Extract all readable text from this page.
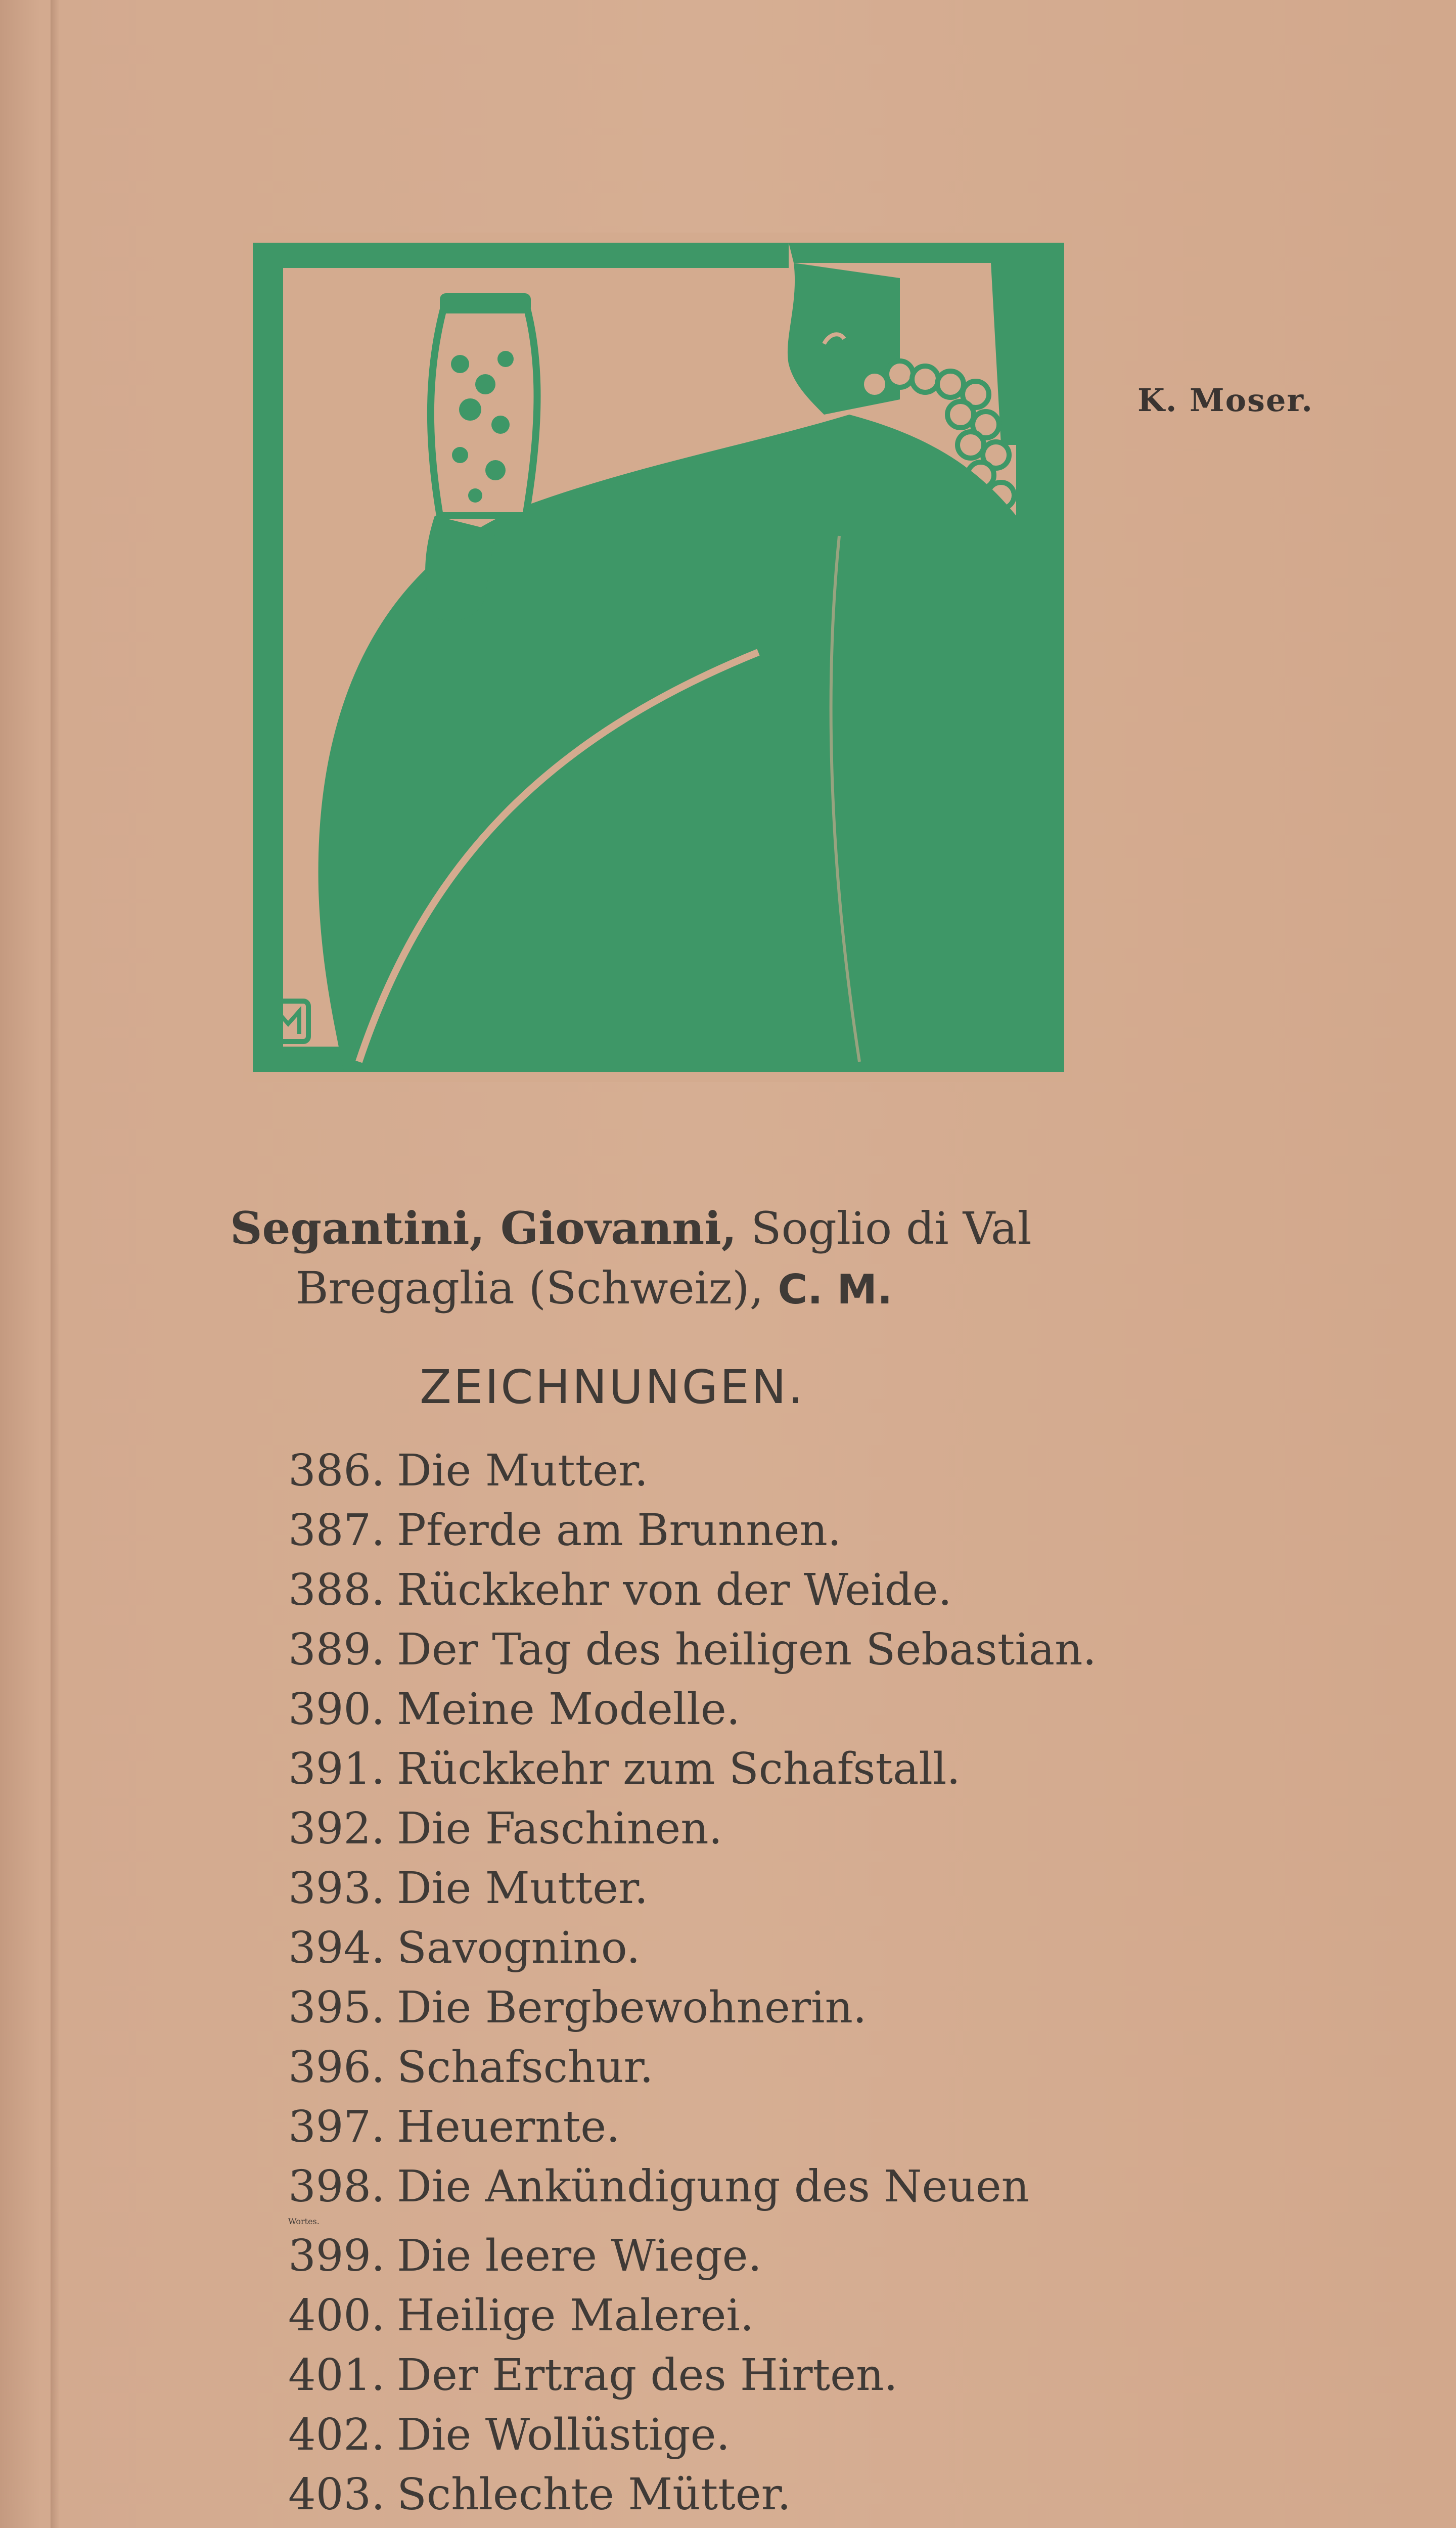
K. Moser.
Segantini, Giovanni, Soglio di Val
Bregaglia (Schweiz), C. M.
ZEICHNUNGEN.
386. Die Mutter.
387. Pferde am Brunnen.
388. Rückkehr von der Weide.
389. Der Tag des heiligen Sebastian.
390. Meine Modelle.
391. Rückkehr zum Schafstall.
392. Die Faschinen.
393. Die Mutter.
394. Savognino.
395. Die Bergbewohnerin.
396. Schafschur.
397. Heuernte.
398. Die Ankündigung des Neuen
Wortes.
399. Die leere Wiege.
400. Heilige Malerei.
401. Der Ertrag des Hirten.
402. Die Wollüstige.
403. Schlechte Mütter.
